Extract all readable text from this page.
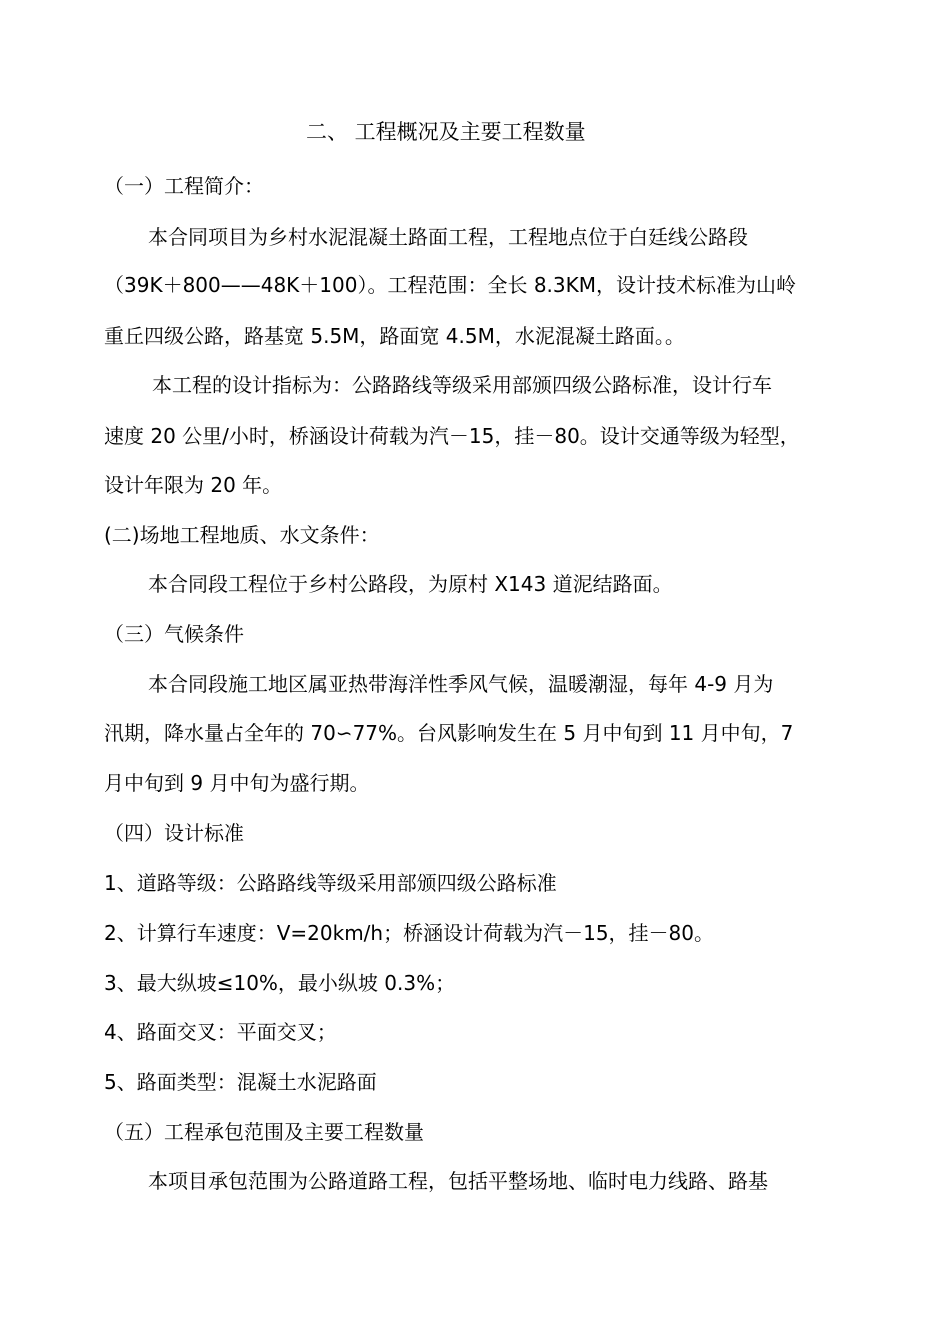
二、 工程概况及主要工程数量
（一）工程简介：
本合同项目为乡村水泥混凝土路面工程，工程地点位于白廷线公路段
（39K＋800——48K＋100）。工程范围：全长 8.3KM，设计技术标准为山岭
重丘四级公路，路基宽 5.5M，路面宽 4.5M，水泥混凝土路面。。
本工程的设计指标为：公路路线等级采用部颁四级公路标准，设计行车
速度 20 公里/小时，桥涵设计荷载为汽－15，挂－80。设计交通等级为轻型，
设计年限为 20 年。
(二)场地工程地质、水文条件：
本合同段工程位于乡村公路段，为原村 X143 道泥结路面。
（三）气候条件
本合同段施工地区属亚热带海洋性季风气候，温暖潮湿，每年 4-9 月为
汛期，降水量占全年的 70∽77%。台风影响发生在 5 月中旬到 11 月中旬，7
月中旬到 9 月中旬为盛行期。
（四）设计标准
1、道路等级：公路路线等级采用部颁四级公路标准
2、计算行车速度：V=20km/h；桥涵设计荷载为汽－15，挂－80。
3、最大纵坡≤10%，最小纵坡 0.3%；
4、路面交叉：平面交叉；
5、路面类型：混凝土水泥路面
（五）工程承包范围及主要工程数量
本项目承包范围为公路道路工程，包括平整场地、临时电力线路、路基
